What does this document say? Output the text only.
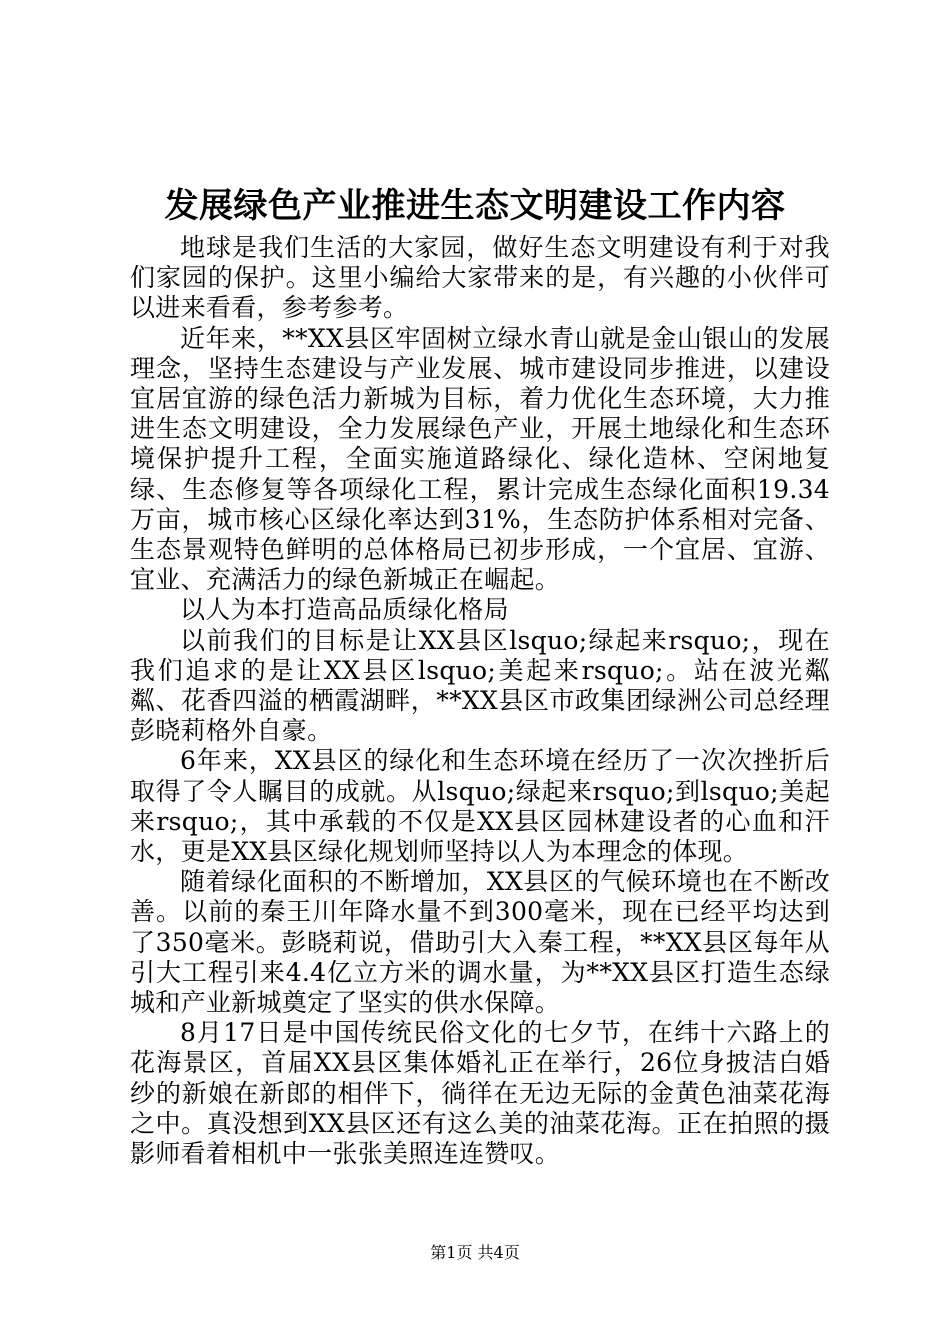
发展绿色产业推进生态文明建设工作内容

地球是我们生活的大家园，做好生态文明建设有利于对我们家园的保护。这里小编给大家带来的是，有兴趣的小伙伴可以进来看看，参考参考。

近年来，**XX县区牢固树立绿水青山就是金山银山的发展理念，坚持生态建设与产业发展、城市建设同步推进，以建设宜居宜游的绿色活力新城为目标，着力优化生态环境，大力推进生态文明建设，全力发展绿色产业，开展土地绿化和生态环境保护提升工程，全面实施道路绿化、绿化造林、空闲地复绿、生态修复等各项绿化工程，累计完成生态绿化面积19.34万亩，城市核心区绿化率达到31%，生态防护体系相对完备、生态景观特色鲜明的总体格局已初步形成，一个宜居、宜游、宜业、充满活力的绿色新城正在崛起。

以人为本打造高品质绿化格局

以前我们的目标是让XX县区lsquo;绿起来rsquo;，现在我们追求的是让XX县区lsquo;美起来rsquo;。站在波光粼粼、花香四溢的栖霞湖畔，**XX县区市政集团绿洲公司总经理彭晓莉格外自豪。

6年来，XX县区的绿化和生态环境在经历了一次次挫折后取得了令人瞩目的成就。从lsquo;绿起来rsquo;到lsquo;美起来rsquo;，其中承载的不仅是XX县区园林建设者的心血和汗水，更是XX县区绿化规划师坚持以人为本理念的体现。

随着绿化面积的不断增加，XX县区的气候环境也在不断改善。以前的秦王川年降水量不到300毫米，现在已经平均达到了350毫米。彭晓莉说，借助引大入秦工程，**XX县区每年从引大工程引来4.4亿立方米的调水量，为**XX县区打造生态绿城和产业新城奠定了坚实的供水保障。

8月17日是中国传统民俗文化的七夕节，在纬十六路上的花海景区，首届XX县区集体婚礼正在举行，26位身披洁白婚纱的新娘在新郎的相伴下，徜徉在无边无际的金黄色油菜花海之中。真没想到XX县区还有这么美的油菜花海。正在拍照的摄影师看着相机中一张张美照连连赞叹。

第1页 共4页
